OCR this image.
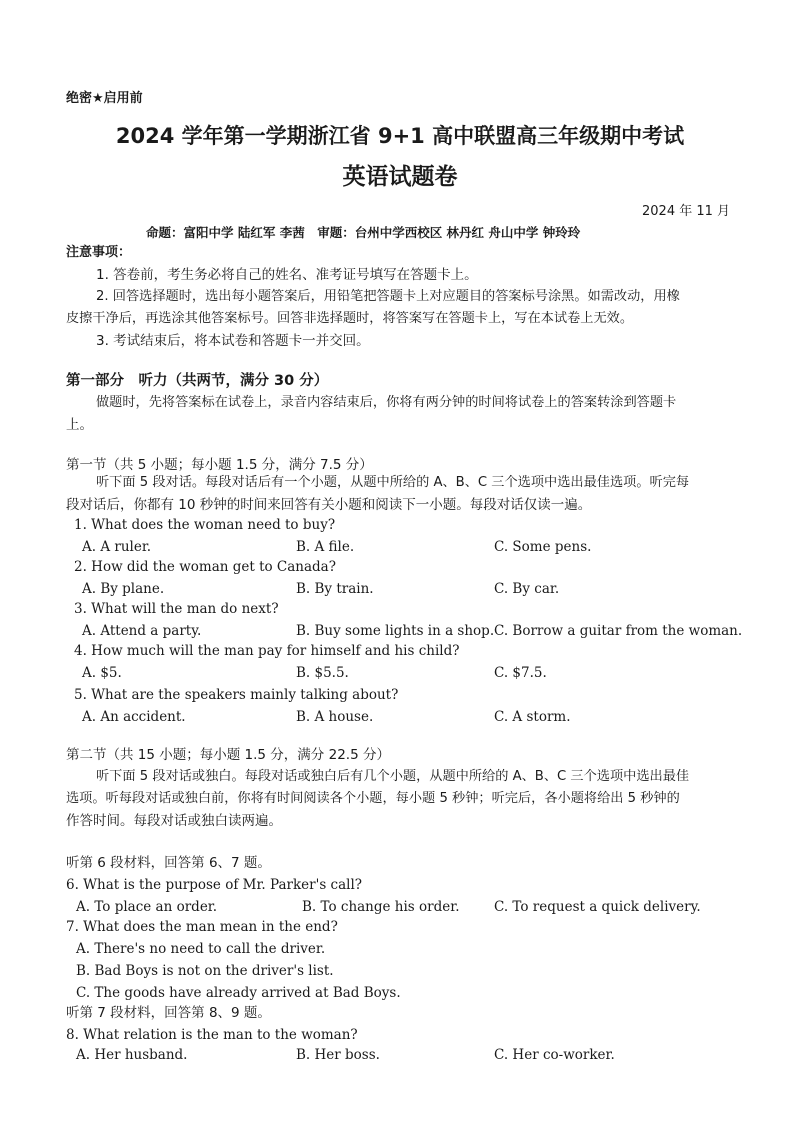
绝密★启用前
2024 学年第一学期浙江省 9+1 高中联盟高三年级期中考试
英语试题卷
2024 年 11 月
命题：富阳中学 陆红军 李茜　审题：台州中学西校区 林丹红 舟山中学 钟玲玲
注意事项：
1. 答卷前，考生务必将自己的姓名、准考证号填写在答题卡上。
2. 回答选择题时，选出每小题答案后，用铅笔把答题卡上对应题目的答案标号涂黑。如需改动，用橡
皮擦干净后，再选涂其他答案标号。回答非选择题时，将答案写在答题卡上，写在本试卷上无效。
3. 考试结束后，将本试卷和答题卡一并交回。
第一部分　听力（共两节，满分 30 分）
做题时，先将答案标在试卷上，录音内容结束后，你将有两分钟的时间将试卷上的答案转涂到答题卡
上。
第一节（共 5 小题；每小题 1.5 分，满分 7.5 分）
听下面 5 段对话。每段对话后有一个小题，从题中所给的 A、B、C 三个选项中选出最佳选项。听完每
段对话后，你都有 10 秒钟的时间来回答有关小题和阅读下一小题。每段对话仅读一遍。
1. What does the woman need to buy?
A. A ruler.	B. A file.	C. Some pens.
2. How did the woman get to Canada?
A. By plane.	B. By train.	C. By car.
3. What will the man do next?
A. Attend a party.	B. Buy some lights in a shop. C. Borrow a guitar from the woman.
4. How much will the man pay for himself and his child?
A. $5.	B. $5.5.	C. $7.5.
5. What are the speakers mainly talking about?
A. An accident.	B. A house.	C. A storm.
第二节（共 15 小题；每小题 1.5 分，满分 22.5 分）
听下面 5 段对话或独白。每段对话或独白后有几个小题，从题中所给的 A、B、C 三个选项中选出最佳
选项。听每段对话或独白前，你将有时间阅读各个小题，每小题 5 秒钟；听完后，各小题将给出 5 秒钟的
作答时间。每段对话或独白读两遍。
听第 6 段材料，回答第 6、7 题。
6. What is the purpose of Mr. Parker's call?
A. To place an order.	B. To change his order.	C. To request a quick delivery.
7. What does the man mean in the end?
A. There's no need to call the driver.
B. Bad Boys is not on the driver's list.
C. The goods have already arrived at Bad Boys.
听第 7 段材料，回答第 8、9 题。
8. What relation is the man to the woman?
A. Her husband.	B. Her boss.	C. Her co-worker.
